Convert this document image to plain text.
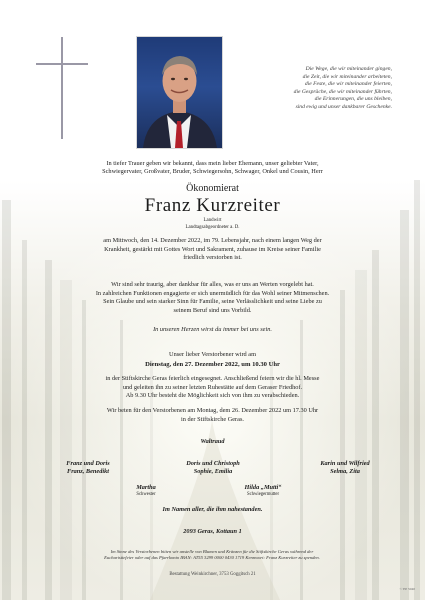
Die Wege, die wir miteinander gingen,
die Zeit, die wir miteinander arbeiteten,
die Feste, die wir miteinander feierten,
die Gespräche, die wir miteinander führten,
die Erinnerungen, die uns bleiben,
sind ewig und unser dankbarer Geschenke.
In tiefer Trauer geben wir bekannt, dass mein lieber Ehemann, unser geliebter Vater,
Schwiegervater, Großvater, Bruder, Schwiegersohn, Schwager, Onkel und Cousin, Herr
Ökonomierat
Franz Kurzreiter
Landwirt
Landtagsabgeordneter a. D.
am Mittwoch, den 14. Dezember 2022, im 79. Lebensjahr, nach einem langen Weg der
Krankheit, gestärkt mit Gottes Wort und Sakrament, zuhause im Kreise seiner Familie
friedlich verstorben ist.
Wir sind sehr traurig, aber dankbar für alles, was er uns an Werten vorgelebt hat.
In zahlreichen Funktionen engagierte er sich unermüdlich für das Wohl seiner Mitmenschen.
Sein Glaube und sein starker Sinn für Familie, seine Verlässlichkeit und seine Liebe zu
seinem Beruf sind uns Vorbild.
In unseren Herzen wirst du immer bei uns sein.
Unser lieber Verstorbener wird am
Dienstag, den 27. Dezember 2022, um 10.30 Uhr
in der Stiftskirche Geras feierlich eingesegnet. Anschließend feiern wir die hl. Messe
und geleiten ihn zu seiner letzten Ruhestätte auf dem Geraser Friedhof.
Ab 9.30 Uhr besteht die Möglichkeit sich von ihm zu verabschieden.
Wir beten für den Verstorbenen am Montag, dem 26. Dezember 2022 um 17.30 Uhr
in der Stiftskirche Geras.
Waltraud
Franz und Doris
Franz, Benedikt
Doris und Christoph
Sophie, Emilia
Karin und Wilfried
Selma, Zita
Martha
Schwester
Hilda „Mutti“
Schwiegermutter
Im Namen aller, die ihm nahestanden.
2093 Geras, Kottaun 1
Im Sinne des Verstorbenen bitten wir anstelle von Blumen und Kränzen für die Stiftskirche Geras während der
Eucharistiefeier oder auf das Pfarrkonto IBAN: AT55 3299 0000 0430 1719 Kennwort: Franz Kurzreiter zu spenden.
Bestattung Weinkirchner, 3753 Goggitsch 21
© EP 5040
